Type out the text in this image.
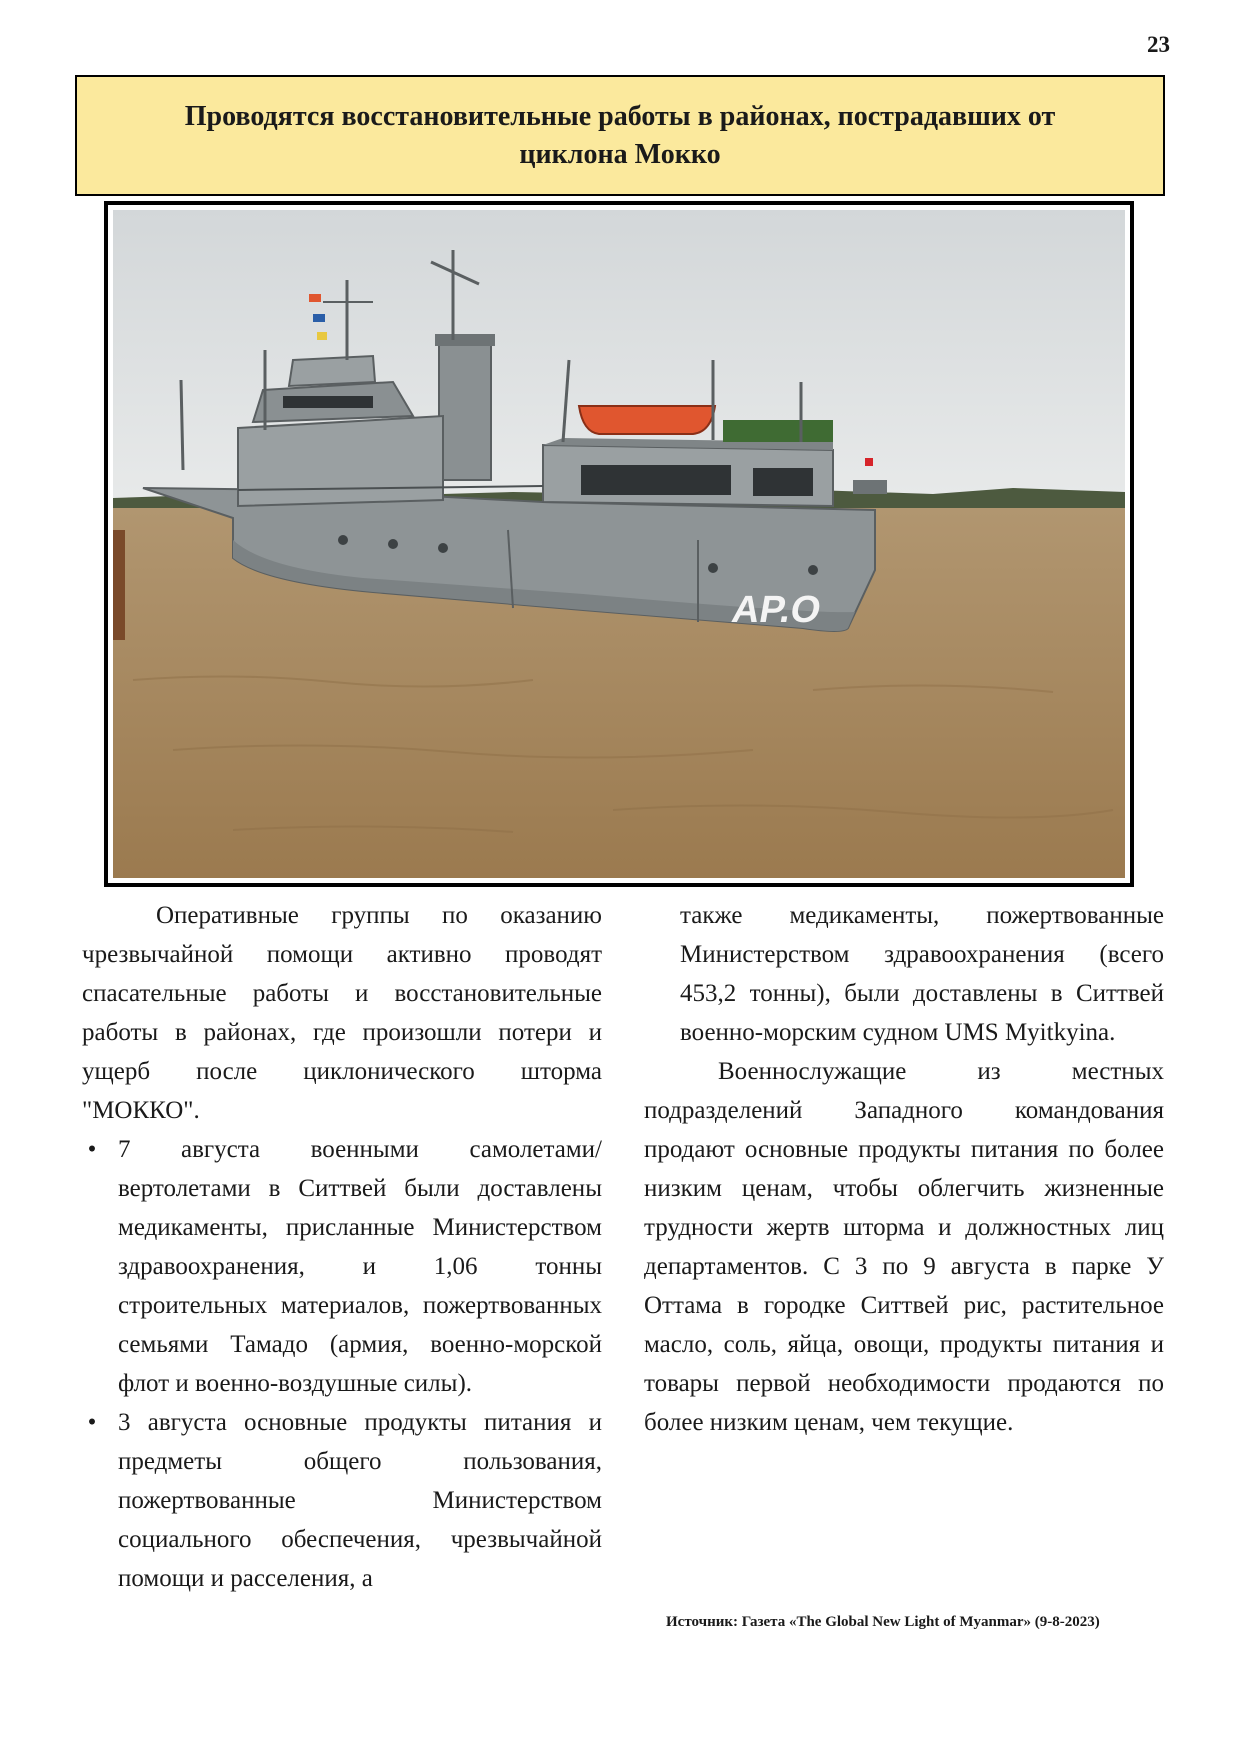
23
Проводятся восстановительные работы в районах, пострадавших от циклона Мокко
AP.O

Оперативные группы по оказанию чрезвычайной помощи активно проводят спасательные работы и восстановительные работы в районах, где произошли потери и ущерб после циклонического шторма "МОККО".

• 7 августа военными самолетами/ вертолетами в Ситтвей были доставлены медикаменты, присланные Министерством здравоохранения, и 1,06 тонны строительных материалов, пожертвованных семьями Тамадо (армия, военно-морской флот и военно-воздушные силы).

• 3 августа основные продукты питания и предметы общего пользования, пожертвованные Министерством социального обеспечения, чрезвычайной помощи и расселения, а

также медикаменты, пожертвованные Министерством здравоохранения (всего 453,2 тонны), были доставлены в Ситтвей военно-морским судном UMS Myitkyina.

Военнослужащие из местных подразделений Западного командования продают основные продукты питания по более низким ценам, чтобы облегчить жизненные трудности жертв шторма и должностных лиц департаментов. С 3 по 9 августа в парке У Оттама в городке Ситтвей рис, растительное масло, соль, яйца, овощи, продукты питания и товары первой необходимости продаются по более низким ценам, чем текущие.

Источник: Газета «The Global New Light of Myanmar» (9-8-2023)
